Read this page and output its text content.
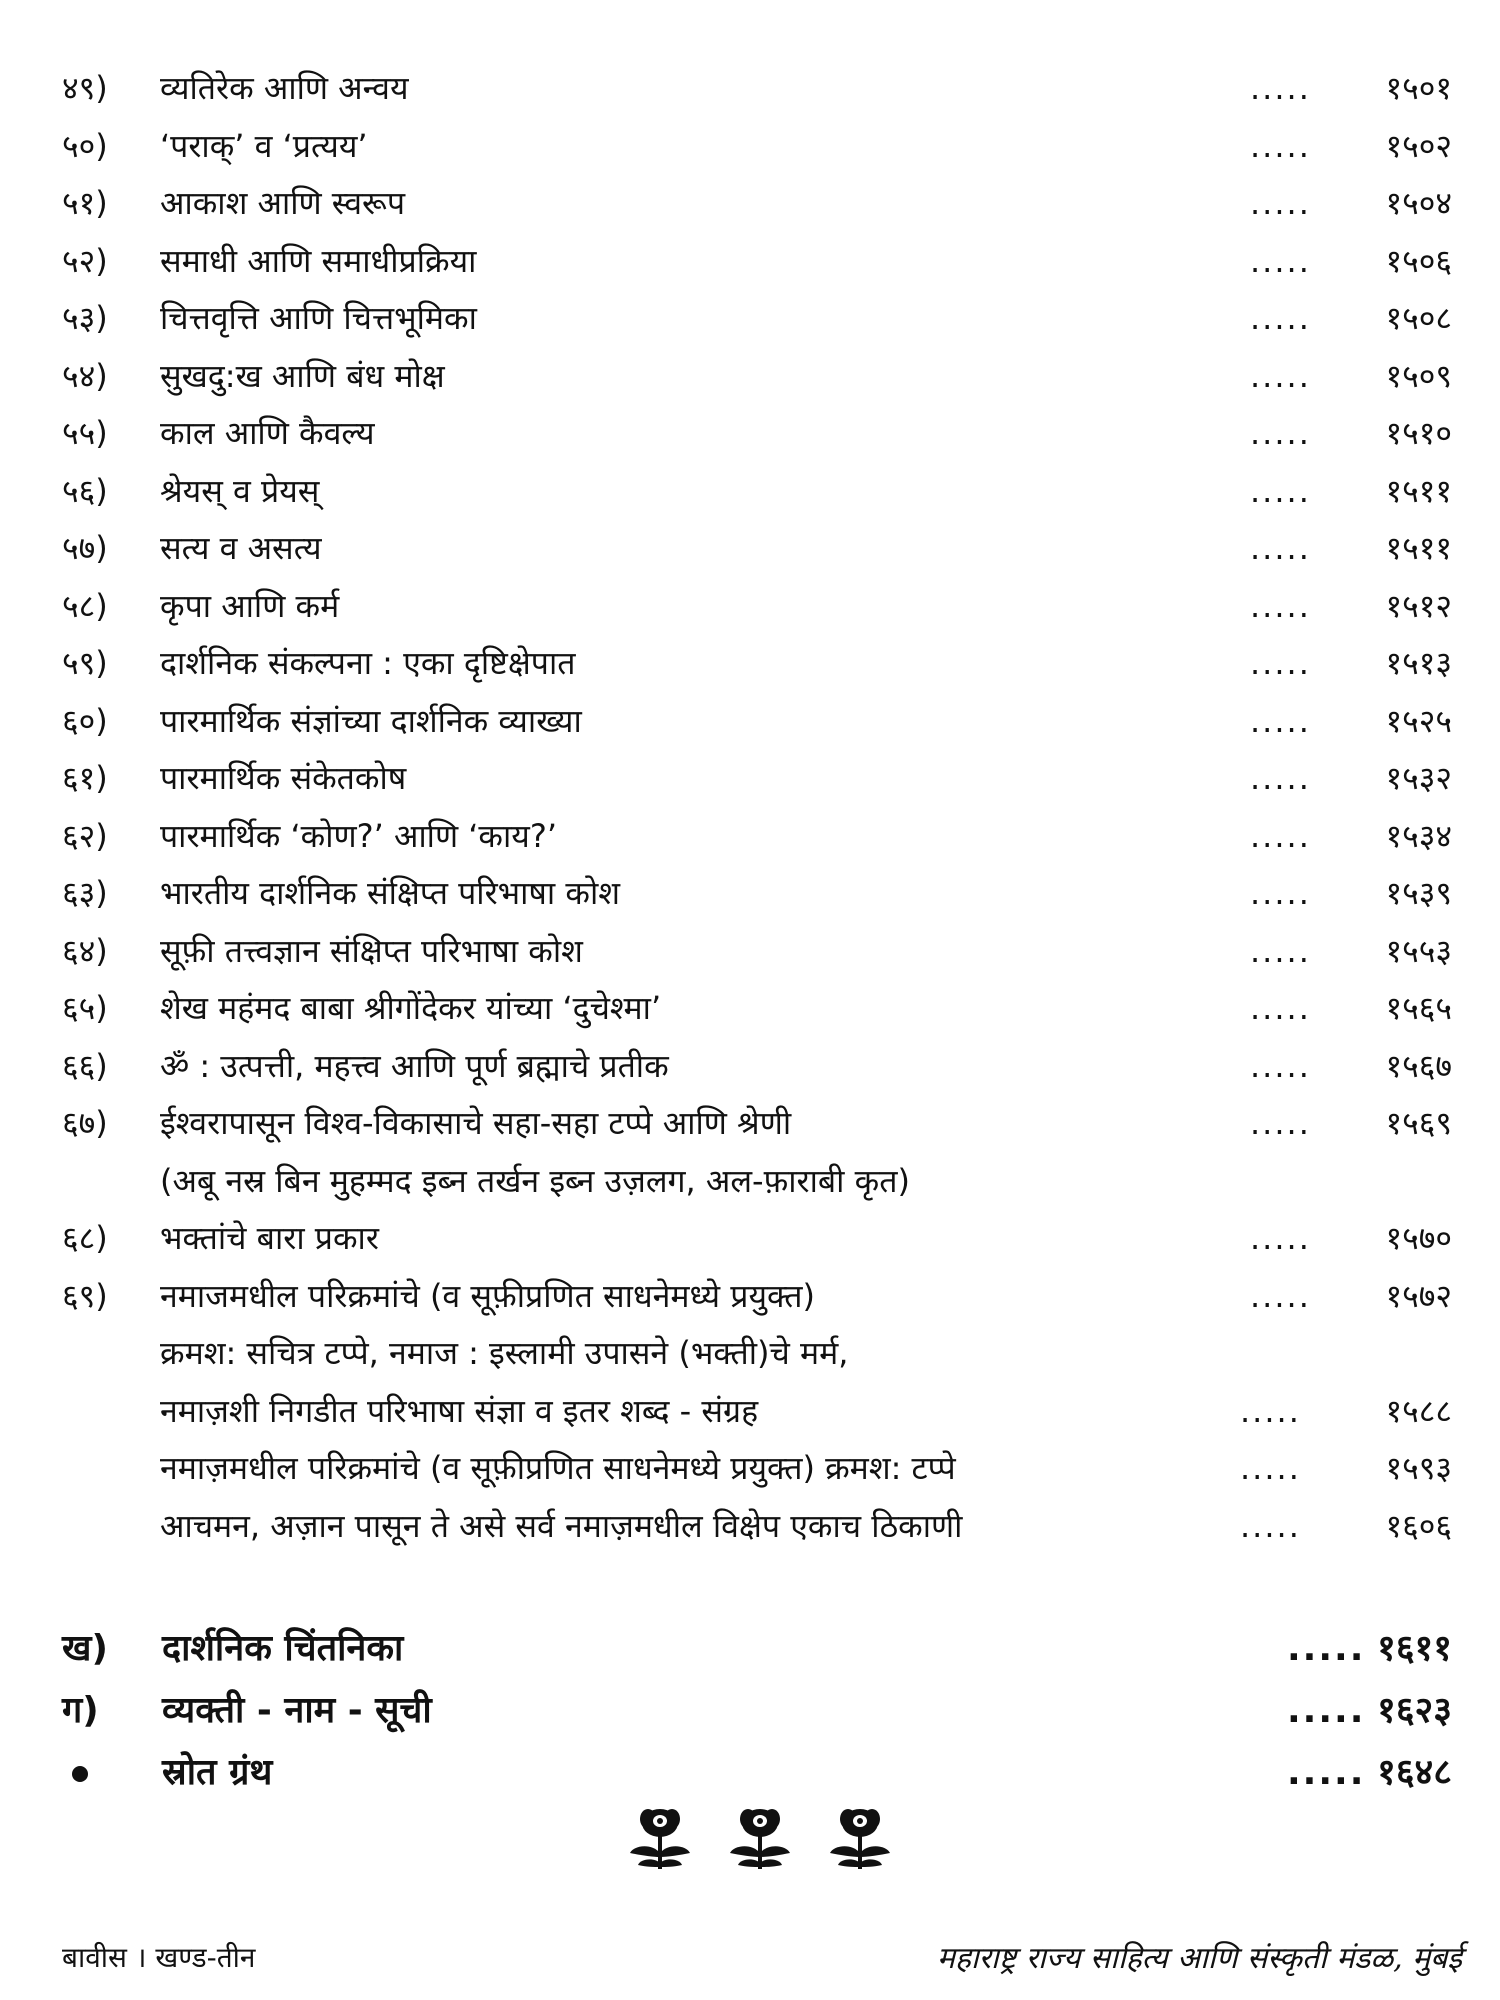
४९)	व्यतिरेक आणि अन्वय	..... १५०१
५०)	‘पराक्’ व ‘प्रत्यय’	..... १५०२
५१)	आकाश आणि स्वरूप	..... १५०४
५२)	समाधी आणि समाधीप्रक्रिया	..... १५०६
५३)	चित्तवृत्ति आणि चित्तभूमिका	..... १५०८
५४)	सुखदु:ख आणि बंध मोक्ष	..... १५०९
५५)	काल आणि कैवल्य	..... १५१०
५६)	श्रेयस् व प्रेयस्	..... १५११
५७)	सत्य व असत्य	..... १५११
५८)	कृपा आणि कर्म	..... १५१२
५९)	दार्शनिक संकल्पना : एका दृष्टिक्षेपात	..... १५१३
६०)	पारमार्थिक संज्ञांच्या दार्शनिक व्याख्या	..... १५२५
६१)	पारमार्थिक संकेतकोष	..... १५३२
६२)	पारमार्थिक ‘कोण?’ आणि ‘काय?’	..... १५३४
६३)	भारतीय दार्शनिक संक्षिप्त परिभाषा कोश	..... १५३९
६४)	सूफ़ी तत्त्वज्ञान संक्षिप्त परिभाषा कोश	..... १५५३
६५)	शेख महंमद बाबा श्रीगोंदेकर यांच्या ‘दुचेश्मा’	..... १५६५
६६)	ॐ : उत्पत्ती, महत्त्व आणि पूर्ण ब्रह्माचे प्रतीक	..... १५६७
६७)	ईश्वरापासून विश्व-विकासाचे सहा-सहा टप्पे आणि श्रेणी	..... १५६९
(अबू नस्र बिन मुहम्मद इब्न तर्खन इब्न उज़लग, अल-फ़ाराबी कृत)
६८)	भक्तांचे बारा प्रकार	..... १५७०
६९)	नमाजमधील परिक्रमांचे (व सूफ़ीप्रणित साधनेमध्ये प्रयुक्त)	..... १५७२
क्रमश: सचित्र टप्पे, नमाज : इस्लामी उपासने (भक्ती)चे मर्म,
नमाज़शी निगडीत परिभाषा संज्ञा व इतर शब्द - संग्रह	.....	१५८८
नमाज़मधील परिक्रमांचे (व सूफ़ीप्रणित साधनेमध्ये प्रयुक्त) क्रमश: टप्पे	.....	१५९३
आचमन, अज़ान पासून ते असे सर्व नमाज़मधील विक्षेप एकाच ठिकाणी	.....	१६०६
ख)	दार्शनिक चिंतनिका	..... १६११
ग)	व्यक्ती - नाम - सूची	..... १६२३
स्रोत ग्रंथ	..... १६४८
बावीस । खण्ड-तीन	महाराष्ट्र राज्य साहित्य आणि संस्कृती मंडळ, मुंबई
